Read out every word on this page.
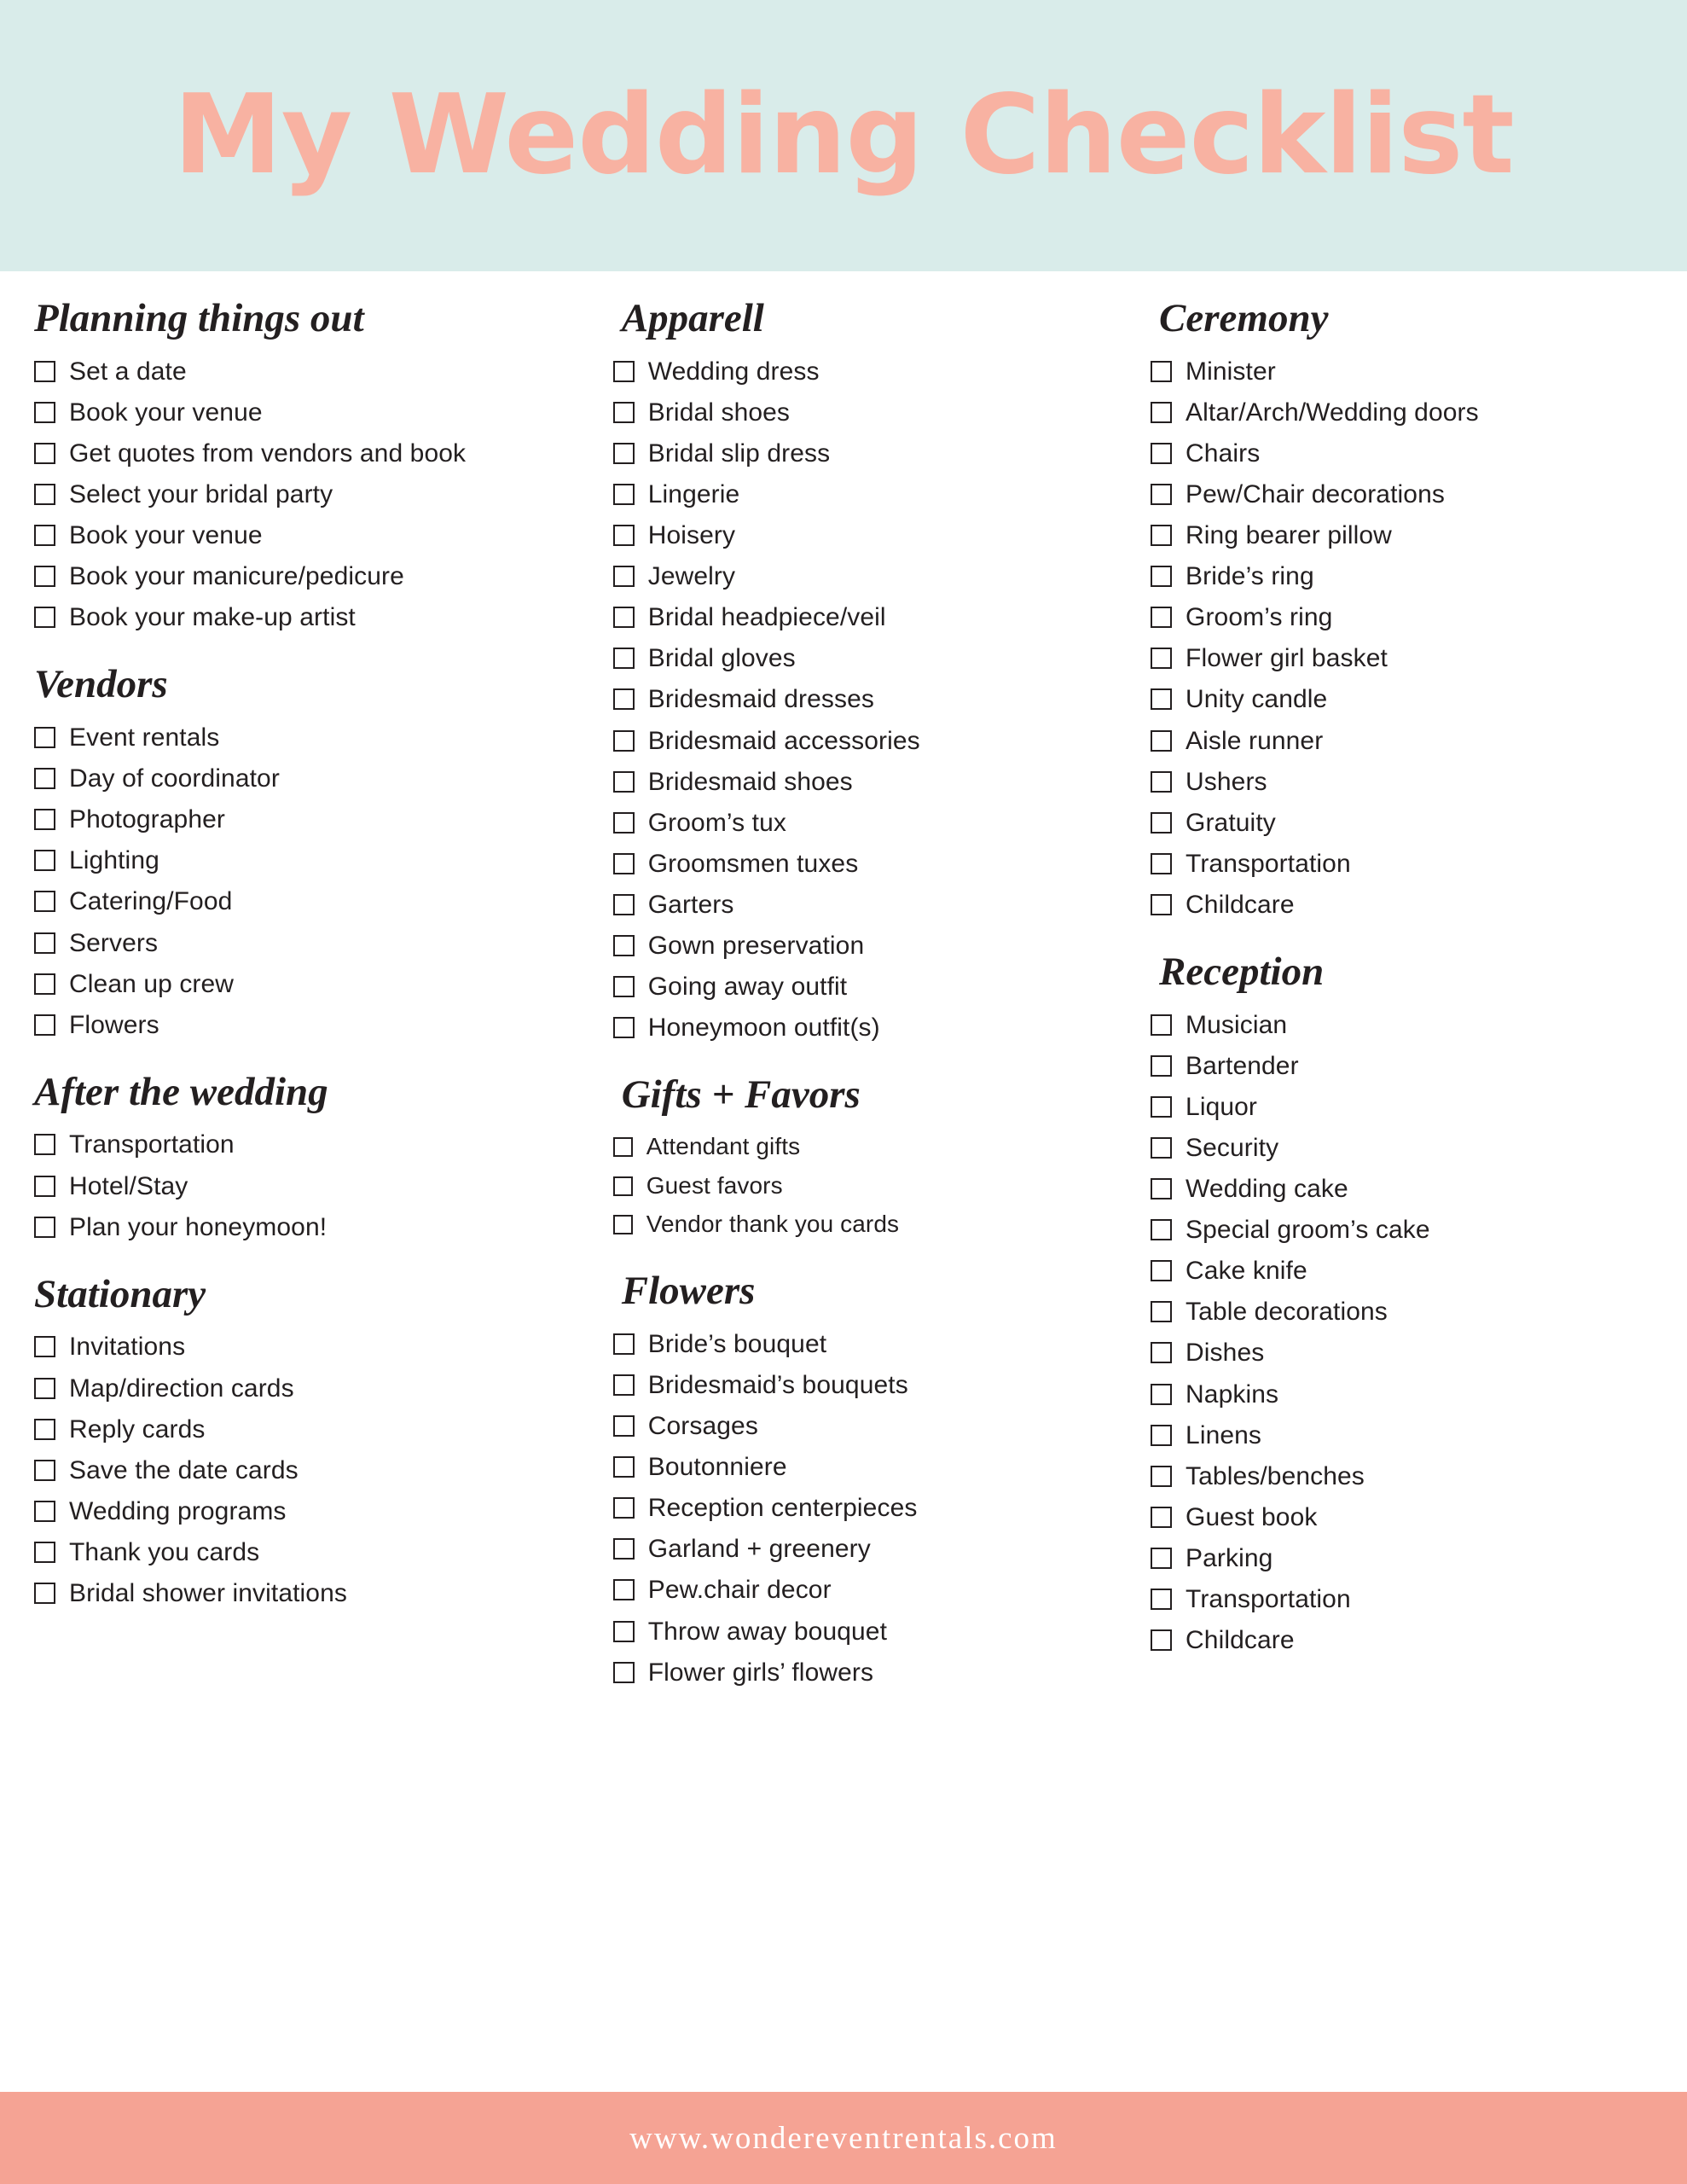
My Wedding Checklist
Planning things out
Set a date
Book your venue
Get quotes from vendors and book
Select your bridal party
Book your venue
Book your manicure/pedicure
Book your make-up artist
Vendors
Event rentals
Day of coordinator
Photographer
Lighting
Catering/Food
Servers
Clean up crew
Flowers
After the wedding
Transportation
Hotel/Stay
Plan your honeymoon!
Stationary
Invitations
Map/direction cards
Reply cards
Save the date cards
Wedding programs
Thank you cards
Bridal shower invitations
Apparell
Wedding dress
Bridal shoes
Bridal slip dress
Lingerie
Hoisery
Jewelry
Bridal headpiece/veil
Bridal gloves
Bridesmaid dresses
Bridesmaid accessories
Bridesmaid shoes
Groom’s tux
Groomsmen tuxes
Garters
Gown preservation
Going away outfit
Honeymoon outfit(s)
Gifts + Favors
Attendant gifts
Guest favors
Vendor thank you cards
Flowers
Bride’s bouquet
Bridesmaid’s bouquets
Corsages
Boutonniere
Reception centerpieces
Garland + greenery
Pew.chair decor
Throw away bouquet
Flower girls’ flowers
Ceremony
Minister
Altar/Arch/Wedding doors
Chairs
Pew/Chair decorations
Ring bearer pillow
Bride’s ring
Groom’s ring
Flower girl basket
Unity candle
Aisle runner
Ushers
Gratuity
Transportation
Childcare
Reception
Musician
Bartender
Liquor
Security
Wedding cake
Special groom’s cake
Cake knife
Table decorations
Dishes
Napkins
Linens
Tables/benches
Guest book
Parking
Transportation
Childcare
www.wondereventrentals.com
